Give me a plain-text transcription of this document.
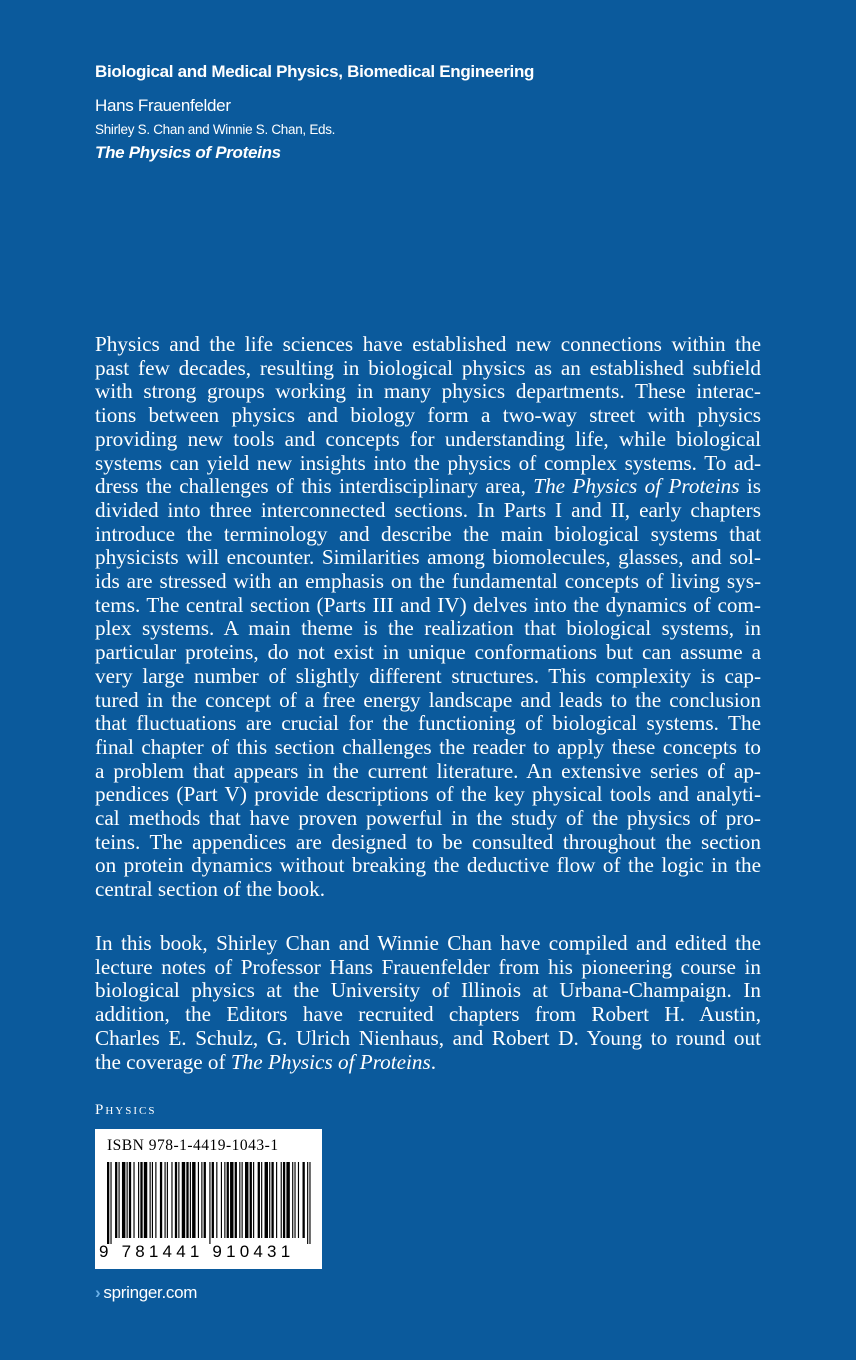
Biological and Medical Physics, Biomedical Engineering
Hans Frauenfelder
Shirley S. Chan and Winnie S. Chan, Eds.
The Physics of Proteins
Physics and the life sciences have established new connections within the
past few decades, resulting in biological physics as an established subfield
with strong groups working in many physics departments. These interac-
tions between physics and biology form a two-way street with physics
providing new tools and concepts for understanding life, while biological
systems can yield new insights into the physics of complex systems. To ad-
dress the challenges of this interdisciplinary area, The Physics of Proteins is
divided into three interconnected sections. In Parts I and II, early chapters
introduce the terminology and describe the main biological systems that
physicists will encounter. Similarities among biomolecules, glasses, and sol-
ids are stressed with an emphasis on the fundamental concepts of living sys-
tems. The central section (Parts III and IV) delves into the dynamics of com-
plex systems. A main theme is the realization that biological systems, in
particular proteins, do not exist in unique conformations but can assume a
very large number of slightly different structures. This complexity is cap-
tured in the concept of a free energy landscape and leads to the conclusion
that fluctuations are crucial for the functioning of biological systems. The
final chapter of this section challenges the reader to apply these concepts to
a problem that appears in the current literature. An extensive series of ap-
pendices (Part V) provide descriptions of the key physical tools and analyti-
cal methods that have proven powerful in the study of the physics of pro-
teins. The appendices are designed to be consulted throughout the section
on protein dynamics without breaking the deductive flow of the logic in the
central section of the book.
In this book, Shirley Chan and Winnie Chan have compiled and edited the
lecture notes of Professor Hans Frauenfelder from his pioneering course in
biological physics at the University of Illinois at Urbana-Champaign. In
addition, the Editors have recruited chapters from Robert H. Austin,
Charles E. Schulz, G. Ulrich Nienhaus, and Robert D. Young to round out
the coverage of The Physics of Proteins.
Physics
ISBN 978-1-4419-1043-1
9 781441 910431
› springer.com
